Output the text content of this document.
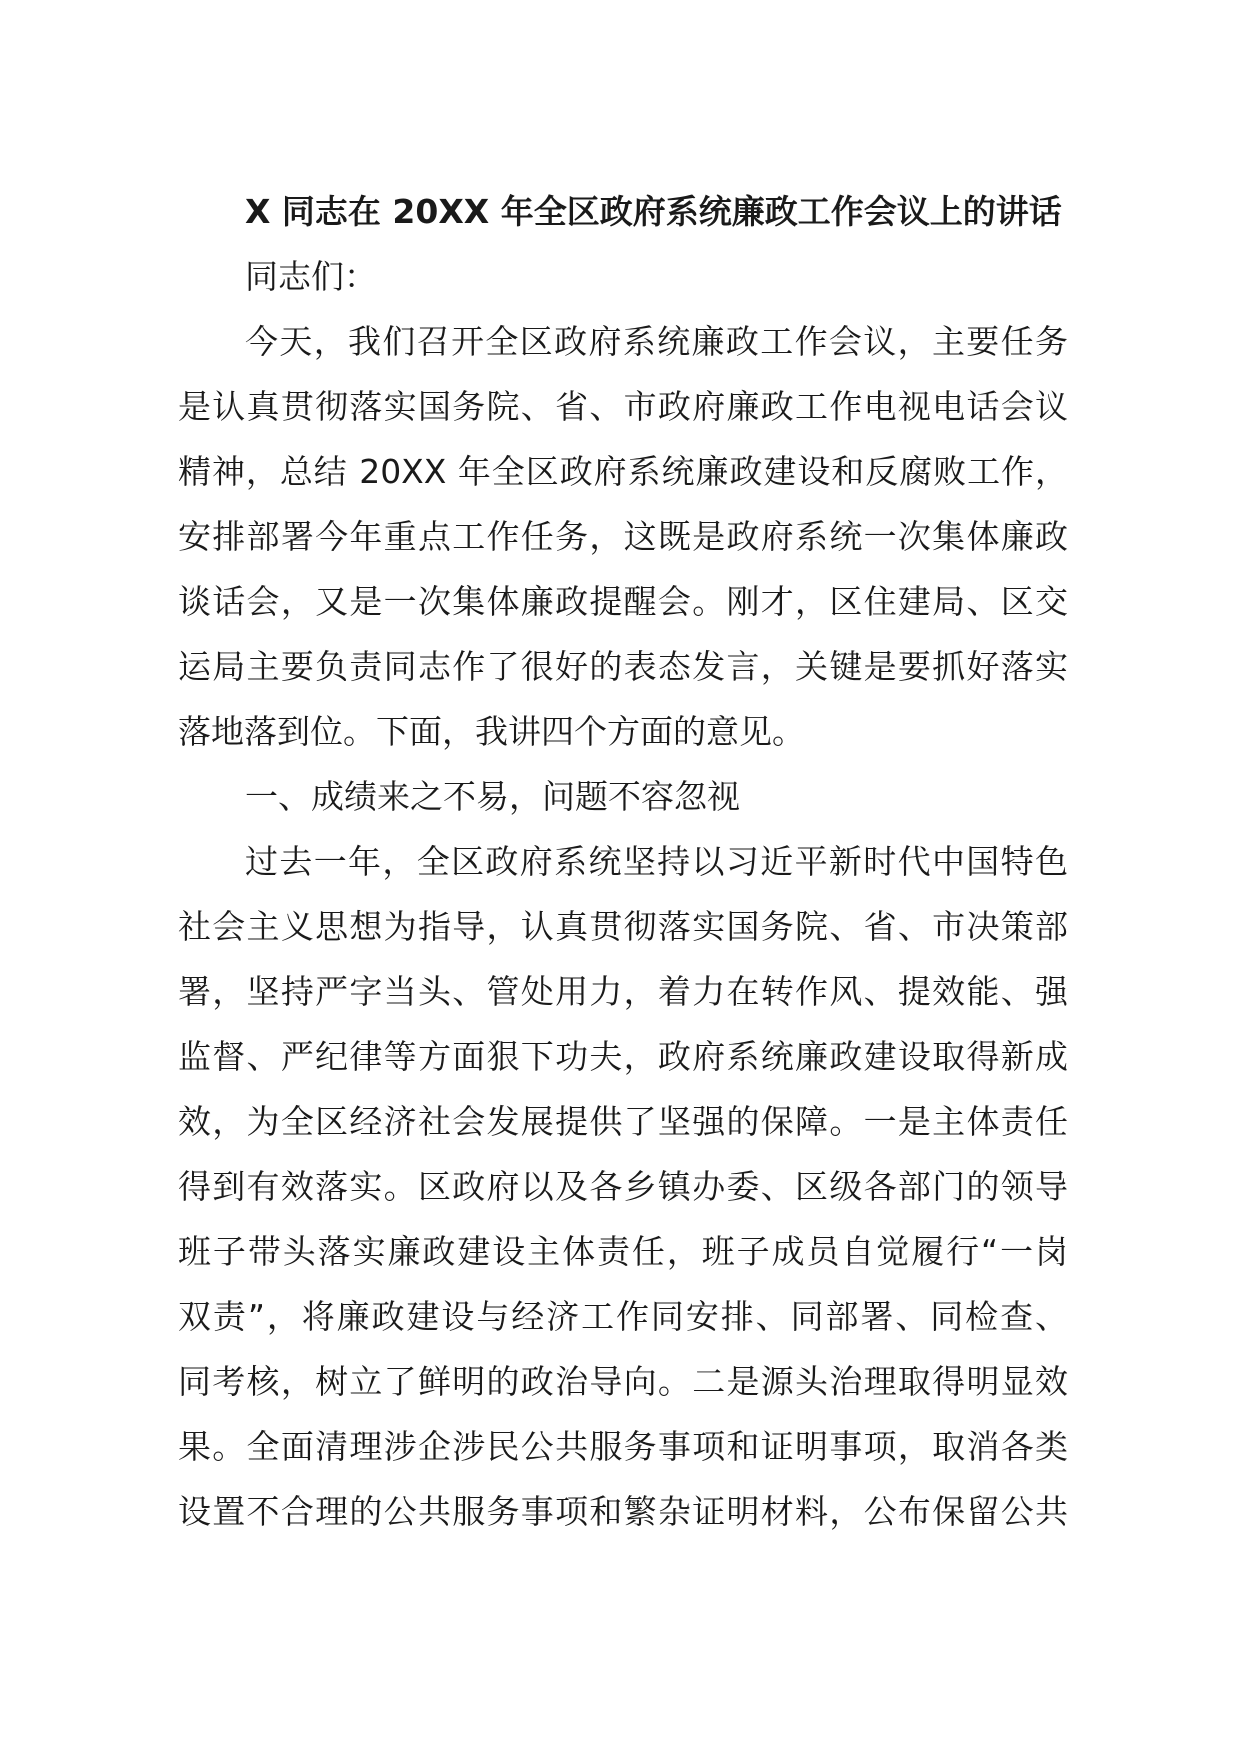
X 同志在 20XX 年全区政府系统廉政工作会议上的讲话
同志们：
今天，我们召开全区政府系统廉政工作会议，主要任务
是认真贯彻落实国务院、省、市政府廉政工作电视电话会议
精神，总结 20XX 年全区政府系统廉政建设和反腐败工作，
安排部署今年重点工作任务，这既是政府系统一次集体廉政
谈话会，又是一次集体廉政提醒会。刚才，区住建局、区交
运局主要负责同志作了很好的表态发言，关键是要抓好落实
落地落到位。下面，我讲四个方面的意见。
一、成绩来之不易，问题不容忽视
过去一年，全区政府系统坚持以习近平新时代中国特色
社会主义思想为指导，认真贯彻落实国务院、省、市决策部
署，坚持严字当头、管处用力，着力在转作风、提效能、强
监督、严纪律等方面狠下功夫，政府系统廉政建设取得新成
效，为全区经济社会发展提供了坚强的保障。一是主体责任
得到有效落实。区政府以及各乡镇办委、区级各部门的领导
班子带头落实廉政建设主体责任，班子成员自觉履行“一岗
双责”，将廉政建设与经济工作同安排、同部署、同检查、
同考核，树立了鲜明的政治导向。二是源头治理取得明显效
果。全面清理涉企涉民公共服务事项和证明事项，取消各类
设置不合理的公共服务事项和繁杂证明材料，公布保留公共
